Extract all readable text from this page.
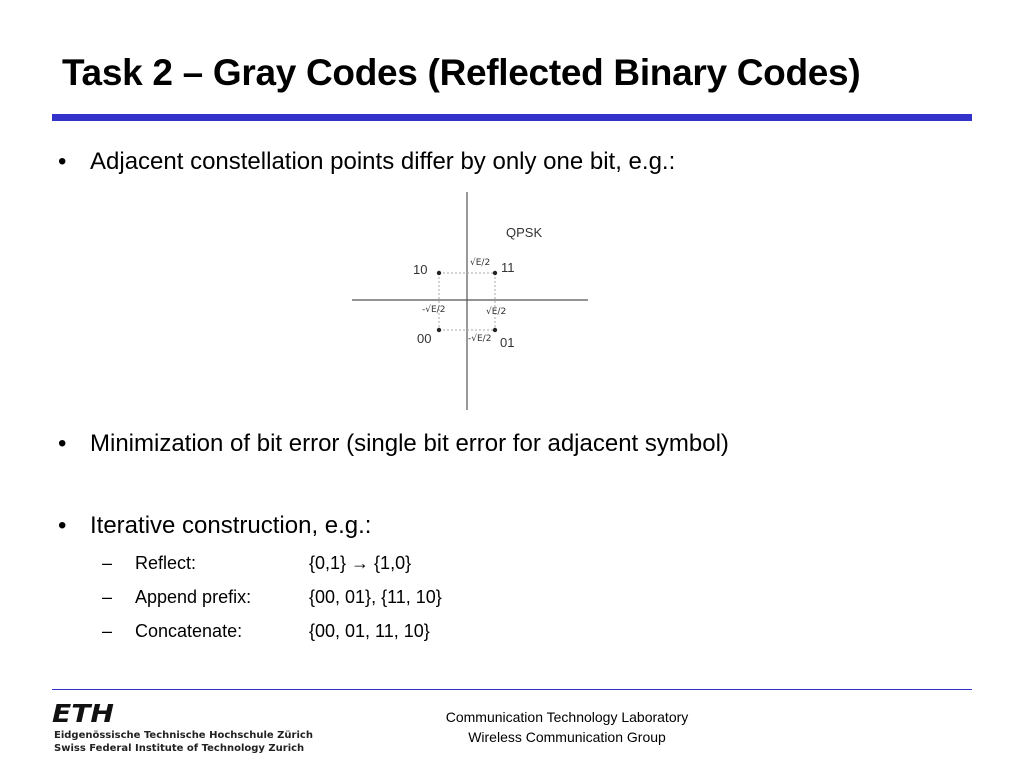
Task 2 – Gray Codes (Reflected Binary Codes)
• Adjacent constellation points differ by only one bit, e.g.:
QPSK
10	11
00	01
√E/2
-√E/2	√E/2
-√E/2
• Minimization of bit error (single bit error for adjacent symbol)
• Iterative construction, e.g.:
– Reflect:	{0,1} → {1,0}
– Append prefix:	{00, 01}, {11, 10}
– Concatenate:	{00, 01, 11, 10}
ETH
Eidgenössische Technische Hochschule Zürich
Swiss Federal Institute of Technology Zurich
Communication Technology Laboratory
Wireless Communication Group
